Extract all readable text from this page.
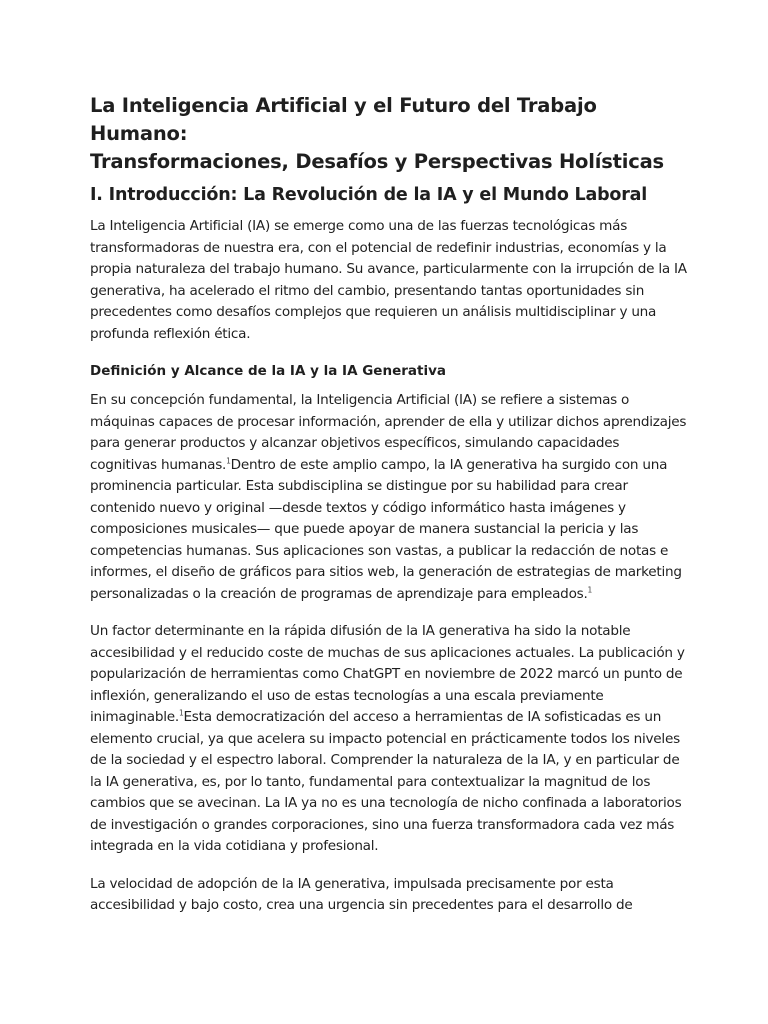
La Inteligencia Artificial y el Futuro del Trabajo Humano:
Transformaciones, Desafíos y Perspectivas Holísticas
I. Introducción: La Revolución de la IA y el Mundo Laboral

La Inteligencia Artificial (IA) se emerge como una de las fuerzas tecnológicas más transformadoras de nuestra era, con el potencial de redefinir industrias, economías y la propia naturaleza del trabajo humano. Su avance, particularmente con la irrupción de la IA generativa, ha acelerado el ritmo del cambio, presentando tantas oportunidades sin precedentes como desafíos complejos que requieren un análisis multidisciplinar y una profunda reflexión ética.

Definición y Alcance de la IA y la IA Generativa

En su concepción fundamental, la Inteligencia Artificial (IA) se refiere a sistemas o máquinas capaces de procesar información, aprender de ella y utilizar dichos aprendizajes para generar productos y alcanzar objetivos específicos, simulando capacidades cognitivas humanas.$^1$Dentro de este amplio campo, la IA generativa ha surgido con una prominencia particular. Esta subdisciplina se distingue por su habilidad para crear contenido nuevo y original —desde textos y código informático hasta imágenes y composiciones musicales— que puede apoyar de manera sustancial la pericia y las competencias humanas. Sus aplicaciones son vastas, a publicar la redacción de notas e informes, el diseño de gráficos para sitios web, la generación de estrategias de marketing personalizadas o la creación de programas de aprendizaje para empleados.$^1$

Un factor determinante en la rápida difusión de la IA generativa ha sido la notable accesibilidad y el reducido coste de muchas de sus aplicaciones actuales. La publicación y popularización de herramientas como ChatGPT en noviembre de 2022 marcó un punto de inflexión, generalizando el uso de estas tecnologías a una escala previamente inimaginable.$^1$Esta democratización del acceso a herramientas de IA sofisticadas es un elemento crucial, ya que acelera su impacto potencial en prácticamente todos los niveles de la sociedad y el espectro laboral. Comprender la naturaleza de la IA, y en particular de la IA generativa, es, por lo tanto, fundamental para contextualizar la magnitud de los cambios que se avecinan. La IA ya no es una tecnología de nicho confinada a laboratorios de investigación o grandes corporaciones, sino una fuerza transformadora cada vez más integrada en la vida cotidiana y profesional.

La velocidad de adopción de la IA generativa, impulsada precisamente por esta accesibilidad y bajo costo, crea una urgencia sin precedentes para el desarrollo de
